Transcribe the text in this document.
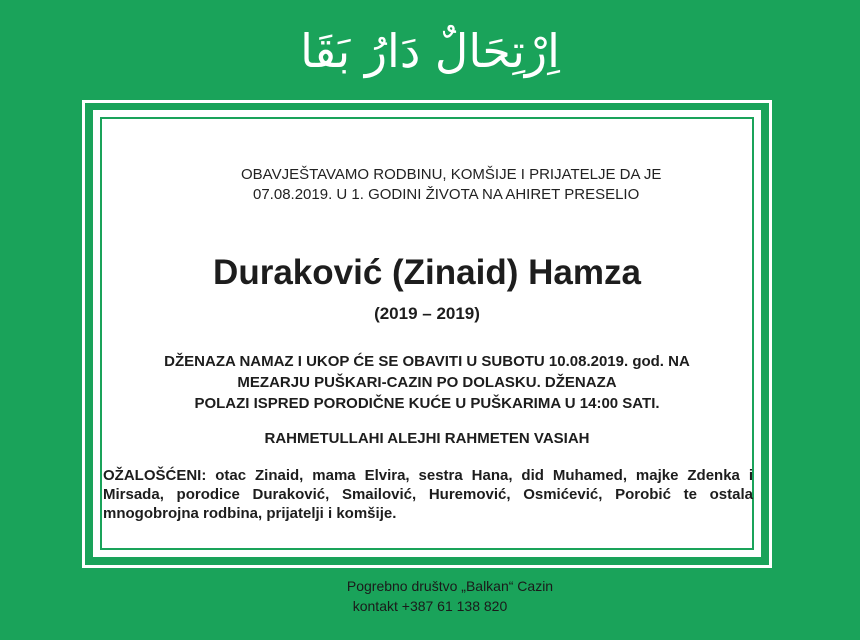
اِرْتِحَالٌ دَارُ بَقَا
OBAVJEŠTAVAMO RODBINU, KOMŠIJE I PRIJATELJE DA JE
07.08.2019. U 1. GODINI ŽIVOTA NA AHIRET PRESELIO
Duraković (Zinaid) Hamza
(2019 – 2019)
DŽENAZA NAMAZ I UKOP ĆE SE OBAVITI U SUBOTU 10.08.2019. god. NA
MEZARJU PUŠKARI-CAZIN PO DOLASKU. DŽENAZA
POLAZI ISPRED PORODIČNE KUĆE U PUŠKARIMA U 14:00 SATI.
RAHMETULLAHI ALEJHI RAHMETEN VASIAH
OŽALOŠĆENI: otac Zinaid, mama Elvira, sestra Hana, did Muhamed, majke Zdenka i Mirsada, porodice Duraković, Smailović, Huremović, Osmićević, Porobić te ostala mnogobrojna rodbina, prijatelji i komšije.
Pogrebno društvo „Balkan“ Cazin
kontakt +387 61 138 820
